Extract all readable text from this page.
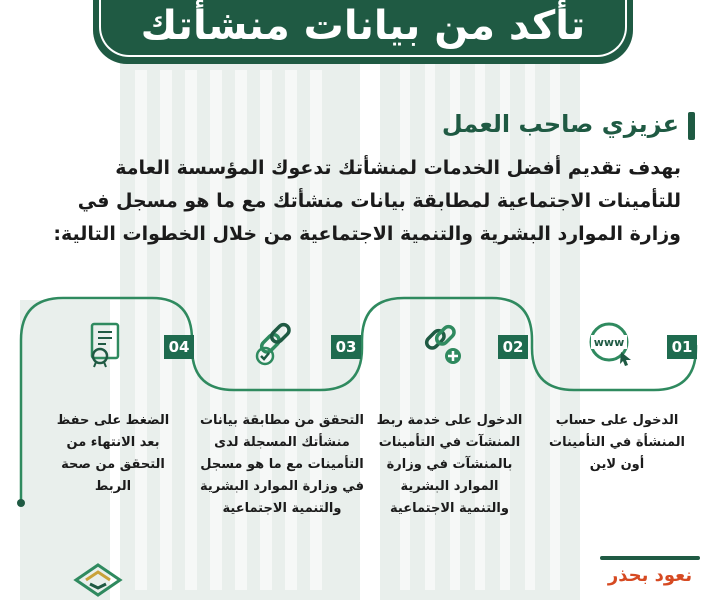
تأكد من بيانات منشأتك
عزيزي صاحب العمل
بهدف تقديم أفضل الخدمات لمنشأتك تدعوك المؤسسة العامة
للتأمينات الاجتماعية لمطابقة بيانات منشأتك مع ما هو مسجل في
وزارة الموارد البشرية والتنمية الاجتماعية من خلال الخطوات التالية:
01
02
03
04	www
الدخول على حساب
المنشأة في التأمينات
أون لاين
الدخول على خدمة ربط
المنشآت في التأمينات
بالمنشآت في وزارة
الموارد البشرية
والتنمية الاجتماعية
التحقق من مطابقة بيانات
منشأتك المسجلة لدى
التأمينات مع ما هو مسجل
في وزارة الموارد البشرية
والتنمية الاجتماعية
الضغط على حفظ
بعد الانتهاء من
التحقق من صحة
الربط
نعود بحذر
